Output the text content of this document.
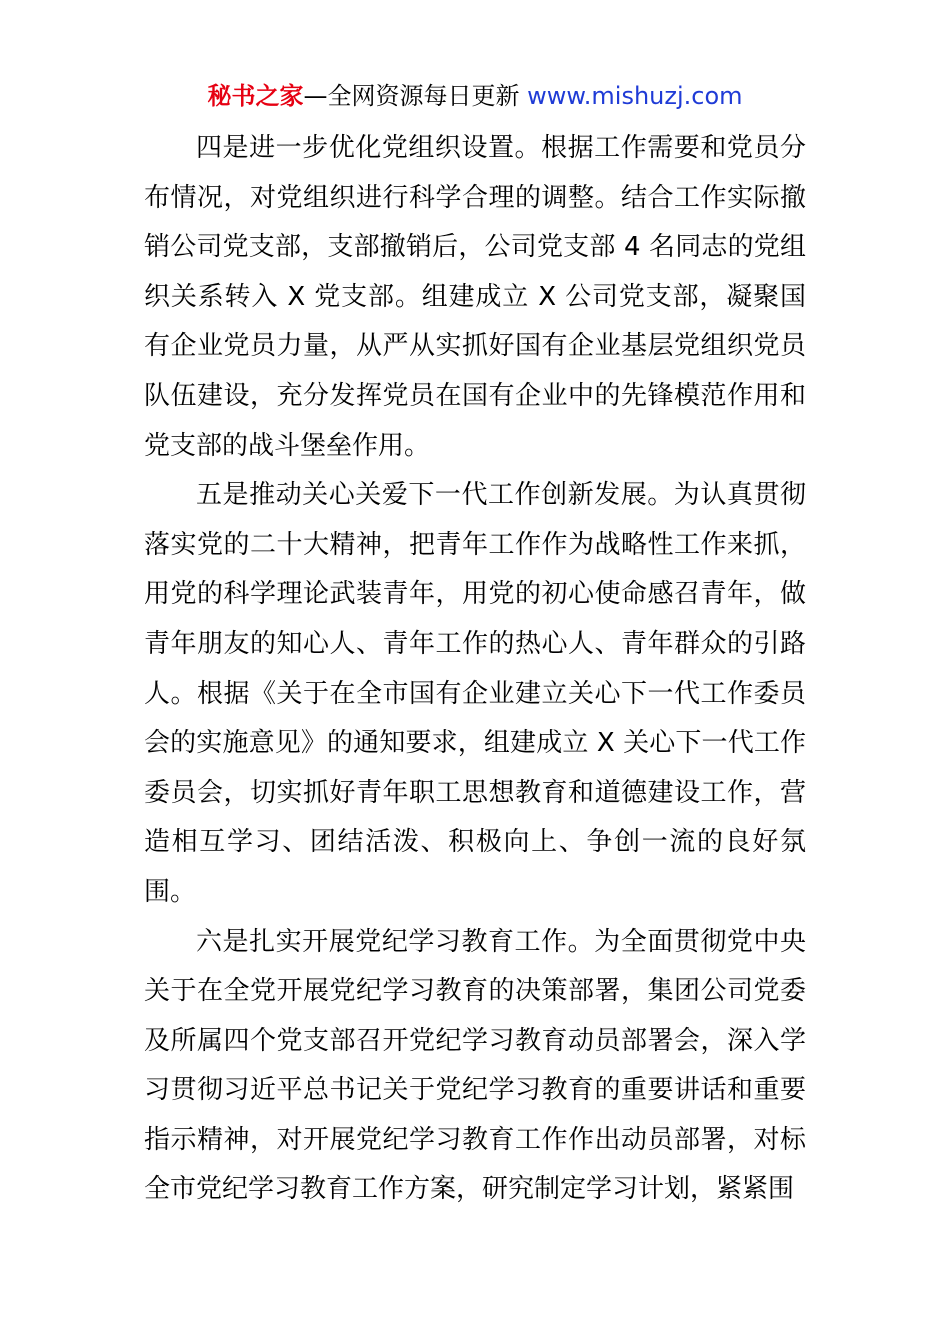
秘书之家—全网资源每日更新 www.mishuzj.com

四是进一步优化党组织设置。根据工作需要和党员分布情况，对党组织进行科学合理的调整。结合工作实际撤销公司党支部，支部撤销后，公司党支部 4 名同志的党组织关系转入 X 党支部。组建成立 X 公司党支部，凝聚国有企业党员力量，从严从实抓好国有企业基层党组织党员队伍建设，充分发挥党员在国有企业中的先锋模范作用和党支部的战斗堡垒作用。

五是推动关心关爱下一代工作创新发展。为认真贯彻落实党的二十大精神，把青年工作作为战略性工作来抓，用党的科学理论武装青年，用党的初心使命感召青年，做青年朋友的知心人、青年工作的热心人、青年群众的引路人。根据《关于在全市国有企业建立关心下一代工作委员会的实施意见》的通知要求，组建成立 X 关心下一代工作委员会，切实抓好青年职工思想教育和道德建设工作，营造相互学习、团结活泼、积极向上、争创一流的良好氛围。

六是扎实开展党纪学习教育工作。为全面贯彻党中央关于在全党开展党纪学习教育的决策部署，集团公司党委及所属四个党支部召开党纪学习教育动员部署会，深入学习贯彻习近平总书记关于党纪学习教育的重要讲话和重要指示精神，对开展党纪学习教育工作作出动员部署，对标全市党纪学习教育工作方案，研究制定学习计划，紧紧围
